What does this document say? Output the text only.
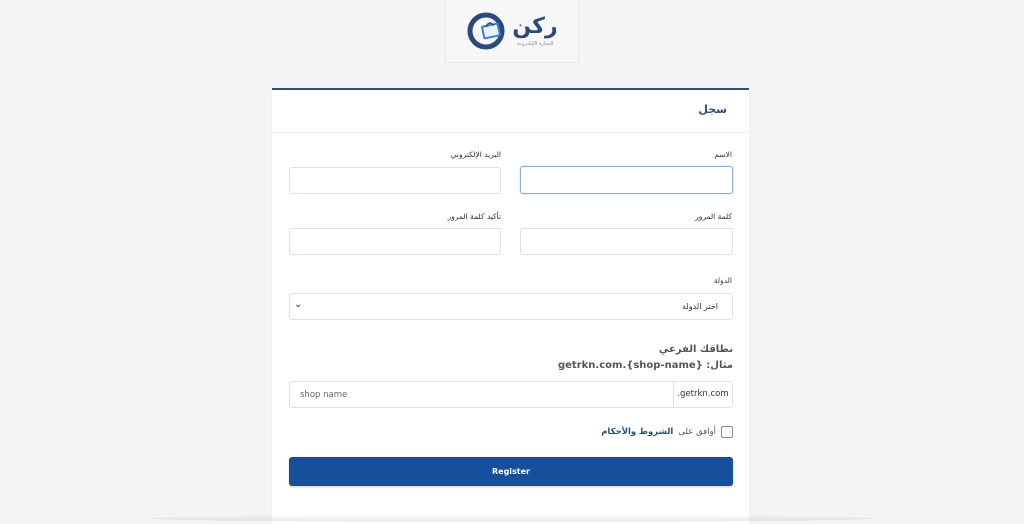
ركن
للتجارة الإلكترونية
سجل
الاسم
البريد الإلكتروني
كلمة المرور
تأكيد كلمة المرور
الدولة
اختر الدولة
⌄
نطاقك الفرعي
مثال: {shop-name}.getrkn.com
shop name
.getrkn.com
أوافق على
الشروط والأحكام
Register
